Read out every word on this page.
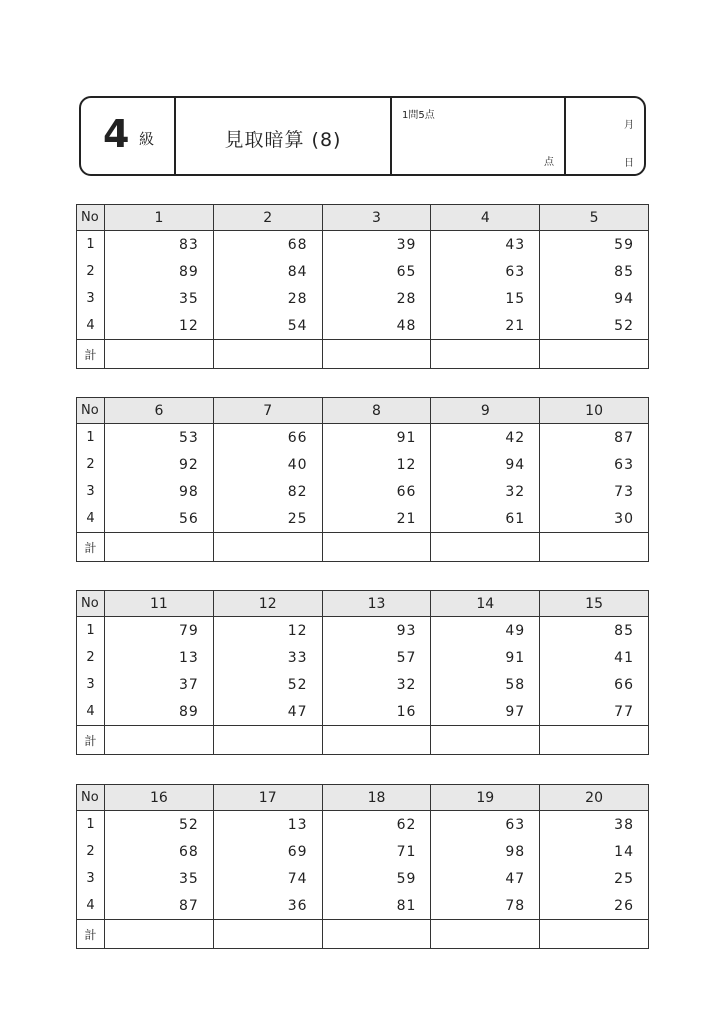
4 級	見取暗算 (8)
1問5点
点
月
日
No	1	2	3	4	5
1	83	68	39	43	59
2	89	84	65	63	85
3	35	28	28	15	94
4	12	54	48	21	52
計					
No	6	7	8	9	10
1	53	66	91	42	87
2	92	40	12	94	63
3	98	82	66	32	73
4	56	25	21	61	30
計					
No	11	12	13	14	15
1	79	12	93	49	85
2	13	33	57	91	41
3	37	52	32	58	66
4	89	47	16	97	77
計					
No	16	17	18	19	20
1	52	13	62	63	38
2	68	69	71	98	14
3	35	74	59	47	25
4	87	36	81	78	26
計					
